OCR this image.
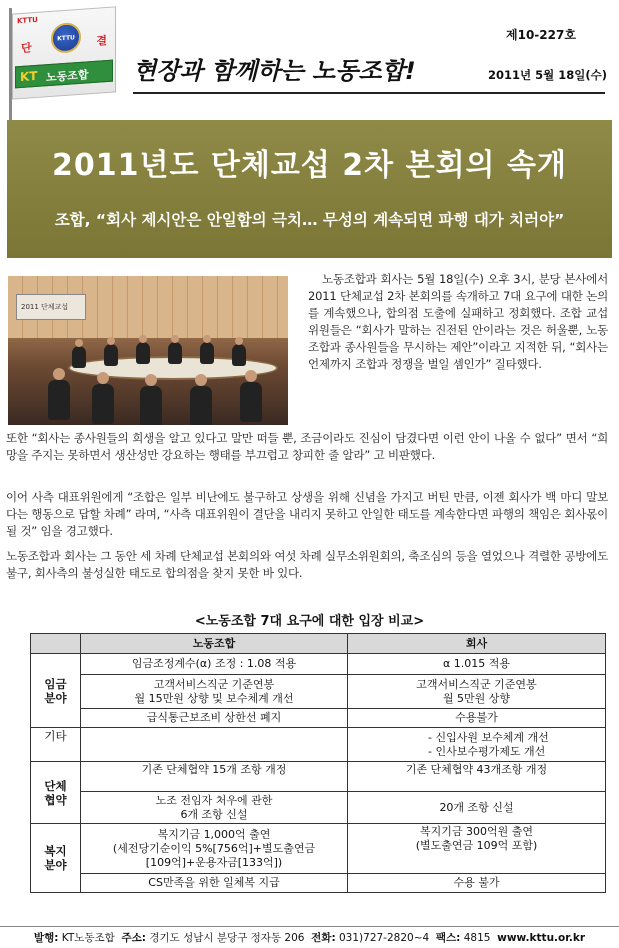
KTTU
단
결
KTTU
KT 노동조합 현장과 함께하는 노동조합!
제10-227호
2011년 5월 18일(수)
2011년도 단체교섭 2차 본회의 속개
조합, “회사 제시안은 안일함의 극치… 무성의 계속되면 파행 대가 치러야”
2011 단체교섭

노동조합과 회사는 5월 18일(수) 오후 3시, 분당 본사에서 2011 단체교섭 2차 본회의를 속개하고 7대 요구에 대한 논의를 계속했으나, 합의점 도출에 실패하고 정회했다. 조합 교섭위원들은 “회사가 말하는 진전된 안이라는 것은 허울뿐, 노동조합과 종사원들을 무시하는 제안”이라고 지적한 뒤, “회사는 언제까지 조합과 정쟁을 벌일 셈인가” 질타했다.

또한 “회사는 종사원들의 희생을 알고 있다고 말만 떠들 뿐, 조금이라도 진심이 담겼다면 이런 안이 나올 수 없다” 면서 “희망을 주지는 못하면서 생산성만 강요하는 행태를 부끄럽고 창피한 줄 알라” 고 비판했다.

이어 사측 대표위원에게 “조합은 일부 비난에도 불구하고 상생을 위해 신념을 가지고 버틴 만큼, 이젠 회사가 백 마디 말보다는 행동으로 답할 차례” 라며, “사측 대표위원이 결단을 내리지 못하고 안일한 태도를 계속한다면 파행의 책임은 회사몫이 될 것” 임을 경고했다.

노동조합과 회사는 그 동안 세 차례 단체교섭 본회의와 여섯 차례 실무소위원회의, 축조심의 등을 열었으나 격렬한 공방에도 불구, 회사측의 불성실한 태도로 합의점을 찾지 못한 바 있다.

<노동조합 7대 요구에 대한 입장 비교>
	노동조합	회사
임금
분야	임금조정계수(α) 조정 : 1.08 적용	α 1.015 적용
	고객서비스직군 기준연봉
월 15만원 상향 및 보수체계 개선	고객서비스직군 기준연봉
월 5만원 상향
	급식통근보조비 상한선 폐지	수용불가
기타		- 신입사원 보수체계 개선
- 인사보수평가제도 개선
단체
협약	기존 단체협약 15개 조항 개정	기존 단체협약 43개조항 개정
	노조 전임자 처우에 관한
6개 조항 신설	20개 조항 신설
복지
분야	복지기금 1,000억 출연
(세전당기순이익 5%[756억]+별도출연금
[109억]+운용자금[133억])	복지기금 300억원 출연
(별도출연금 109억 포함)
	CS만족을 위한 일체복 지급	수용 불가
발행: KT노동조합 주소: 경기도 성남시 분당구 정자동 206 전화: 031)727-2820~4 팩스: 4815 www.kttu.or.kr
